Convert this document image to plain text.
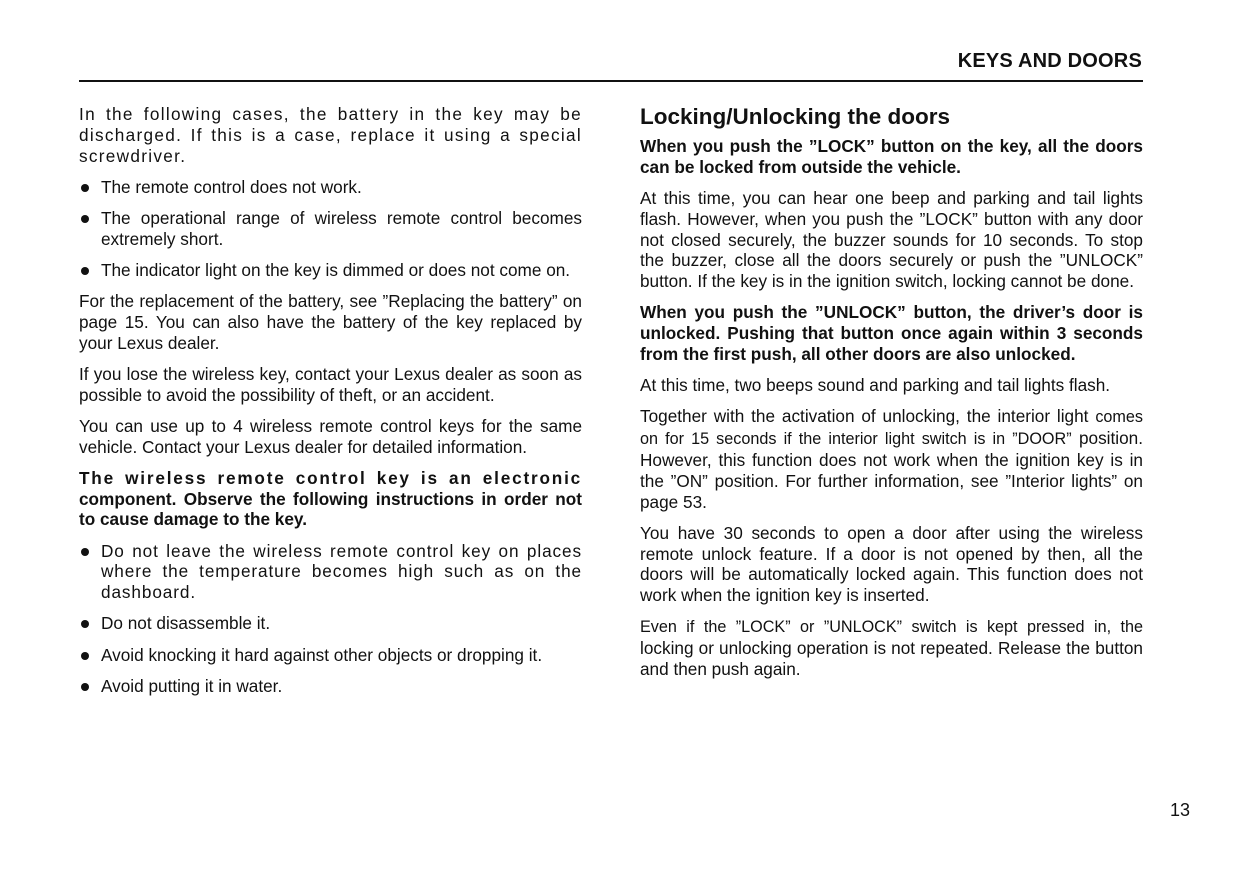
KEYS AND DOORS

In the following cases, the battery in the key may be discharged. If this is a case, replace it using a special screwdriver.

The remote control does not work.
The operational range of wireless remote control becomes extremely short.
The indicator light on the key is dimmed or does not come on.

For the replacement of the battery, see ”Replacing the battery” on page 15. You can also have the battery of the key replaced by your Lexus dealer.

If you lose the wireless key, contact your Lexus dealer as soon as possible to avoid the possibility of theft, or an accident.

You can use up to 4 wireless remote control keys for the same vehicle. Contact your Lexus dealer for detailed information.

The wireless remote control key is an electronic component. Observe the following instructions in order not to cause damage to the key.

Do not leave the wireless remote control key on places where the temperature becomes high such as on the dashboard.
Do not disassemble it.
Avoid knocking it hard against other objects or dropping it.
Avoid putting it in water.
Locking/Unlocking the doors

When you push the ”LOCK” button on the key, all the doors can be locked from outside the vehicle.

At this time, you can hear one beep and parking and tail lights flash. However, when you push the ”LOCK” button with any door not closed securely, the buzzer sounds for 10 seconds. To stop the buzzer, close all the doors securely or push the ”UNLOCK” button. If the key is in the ignition switch, locking cannot be done.

When you push the ”UNLOCK” button, the driver’s door is unlocked. Pushing that button once again within 3 seconds from the first push, all other doors are also unlocked.

At this time, two beeps sound and parking and tail lights flash.

Together with the activation of unlocking, the interior light comes on for 15 seconds if the interior light switch is in ”DOOR” position. However, this function does not work when the ignition key is in the ”ON” position. For further information, see ”Interior lights” on page 53.

You have 30 seconds to open a door after using the wireless remote unlock feature. If a door is not opened by then, all the doors will be automatically locked again. This function does not work when the ignition key is inserted.

Even if the ”LOCK” or ”UNLOCK” switch is kept pressed in, the locking or unlocking operation is not repeated. Release the button and then push again.

13
